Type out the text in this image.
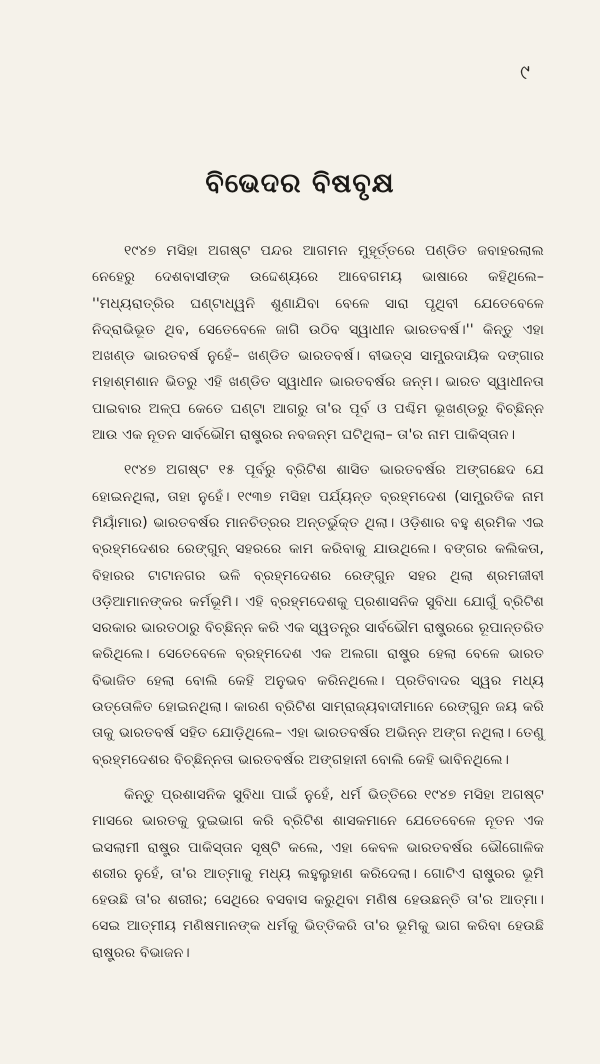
୯
ବିଭେଦର ବିଷବୃକ୍ଷ

୧୯୪୭ ମସିହା ଅଗଷ୍ଟ ପନ୍ଦର ଆଗମନ ମୁହୂର୍ତ୍ତରେ ପଣ୍ଡିତ ଜବାହରଲାଲ ନେହେରୁ ଦେଶବାସୀଙ୍କ ଉଦ୍ଦେଶ୍ୟରେ ଆବେଗମୟ ଭାଷାରେ କହିଥିଲେ– ''ମଧ୍ୟରାତ୍ରିର ଘଣ୍ଟାଧ୍ୱନି ଶୁଣାଯିବା ବେଳେ ସାରା ପୃଥିବୀ ଯେତେବେଳେ ନିଦ୍ରାଭିଭୂତ ଥିବ, ସେତେବେଳେ ଜାଗି ଉଠିବ ସ୍ୱାଧୀନ ଭାରତବର୍ଷ।'' କିନ୍ତୁ ଏହା ଅଖଣ୍ଡ ଭାରତବର୍ଷ ନୁହେଁ– ଖଣ୍ଡିତ ଭାରତବର୍ଷ। ବୀଭତ୍ସ ସାମ୍ପ୍ରଦାୟିକ ଦଙ୍ଗାର ମହାଶ୍ମଶାନ ଭିତରୁ ଏହି ଖଣ୍ଡିତ ସ୍ୱାଧୀନ ଭାରତବର୍ଷର ଜନ୍ମ। ଭାରତ ସ୍ୱାଧୀନତା ପାଇବାର ଅଳ୍ପ କେତେ ଘଣ୍ଟା ଆଗରୁ ତା'ର ପୂର୍ବ ଓ ପଶ୍ଚିମ ଭୂଖଣ୍ଡରୁ ବିଚ୍ଛିନ୍ନ ଆଉ ଏକ ନୂତନ ସାର୍ବଭୌମ ରାଷ୍ଟ୍ରର ନବଜନ୍ମ ଘଟିଥିଲା– ତା'ର ନାମ ପାକିସ୍ତାନ।

୧୯୪୭ ଅଗଷ୍ଟ ୧୫ ପୂର୍ବରୁ ବ୍ରିଟିଶ ଶାସିତ ଭାରତବର୍ଷର ଅଙ୍ଗଛେଦ ଯେ ହୋଇନଥିଲା, ତାହା ନୁହେଁ। ୧୯୩୭ ମସିହା ପର୍ଯ୍ୟନ୍ତ ବ୍ରହ୍ମଦେଶ (ସାମ୍ପ୍ରତିକ ନାମ ମିୟାଁମାର) ଭାରତବର୍ଷର ମାନଚିତ୍ରର ଅନ୍ତର୍ଭୁକ୍ତ ଥିଲା। ଓଡ଼ିଶାର ବହୁ ଶ୍ରମିକ ଏଇ ବ୍ରହ୍ମଦେଶର ରେଙ୍ଗୁନ୍ ସହରରେ କାମ କରିବାକୁ ଯାଉଥିଲେ। ବଙ୍ଗର କଲିକତା, ବିହାରର ଟାଟାନଗର ଭଳି ବ୍ରହ୍ମଦେଶର ରେଙ୍ଗୁନ ସହର ଥିଲା ଶ୍ରମଜୀବୀ ଓଡ଼ିଆମାନଙ୍କର କର୍ମଭୂମି। ଏହି ବ୍ରହ୍ମଦେଶକୁ ପ୍ରଶାସନିକ ସୁବିଧା ଯୋଗୁଁ ବ୍ରିଟିଶ ସରକାର ଭାରତଠାରୁ ବିଚ୍ଛିନ୍ନ କରି ଏକ ସ୍ୱତନ୍ତ୍ର ସାର୍ବଭୌମ ରାଷ୍ଟ୍ରରେ ରୂପାନ୍ତରିତ କରିଥିଲେ। ସେତେବେଳେ ବ୍ରହ୍ମଦେଶ ଏକ ଅଲଗା ରାଷ୍ଟ୍ର ହେଲା ବେଳେ ଭାରତ ବିଭାଜିତ ହେଲା ବୋଲି କେହି ଅନୁଭବ କରିନଥିଲେ। ପ୍ରତିବାଦର ସ୍ୱର ମଧ୍ୟ ଉତ୍ତୋଳିତ ହୋଇନଥିଲା। କାରଣ ବ୍ରିଟିଶ ସାମ୍ରାଜ୍ୟବାଦୀମାନେ ରେଙ୍ଗୁନ ଜୟ କରି ତାକୁ ଭାରତବର୍ଷ ସହିତ ଯୋଡ଼ିଥିଲେ– ଏହା ଭାରତବର୍ଷର ଅଭିନ୍ନ ଅଙ୍ଗ ନଥିଲା। ତେଣୁ ବ୍ରହ୍ମଦେଶର ବିଚ୍ଛିନ୍ନତା ଭାରତବର୍ଷର ଅଙ୍ଗହାନୀ ବୋଲି କେହି ଭାବିନଥିଲେ।

କିନ୍ତୁ ପ୍ରଶାସନିକ ସୁବିଧା ପାଇଁ ନୁହେଁ, ଧର୍ମ ଭିତ୍ତିରେ ୧୯୪୭ ମସିହା ଅଗଷ୍ଟ ମାସରେ ଭାରତକୁ ଦୁଇଭାଗ କରି ବ୍ରିଟିଶ ଶାସକମାନେ ଯେତେବେଳେ ନୂତନ ଏକ ଇସଲାମୀ ରାଷ୍ଟ୍ର ପାକିସ୍ତାନ ସୃଷ୍ଟି କଲେ, ଏହା କେବଳ ଭାରତବର୍ଷର ଭୌଗୋଳିକ ଶରୀର ନୁହେଁ, ତା'ର ଆତ୍ମାକୁ ମଧ୍ୟ ଲହୁଲୁହାଣ କରିଦେଲା। ଗୋଟିଏ ରାଷ୍ଟ୍ରର ଭୂମି ହେଉଛି ତା'ର ଶରୀର; ସେଥିରେ ବସବାସ କରୁଥିବା ମଣିଷ ହେଉଛନ୍ତି ତା'ର ଆତ୍ମା। ସେଇ ଆତ୍ମୀୟ ମଣିଷମାନଙ୍କ ଧର୍ମକୁ ଭିତ୍ତିକରି ତା'ର ଭୂମିକୁ ଭାଗ କରିବା ହେଉଛି ରାଷ୍ଟ୍ରର ବିଭାଜନ।
